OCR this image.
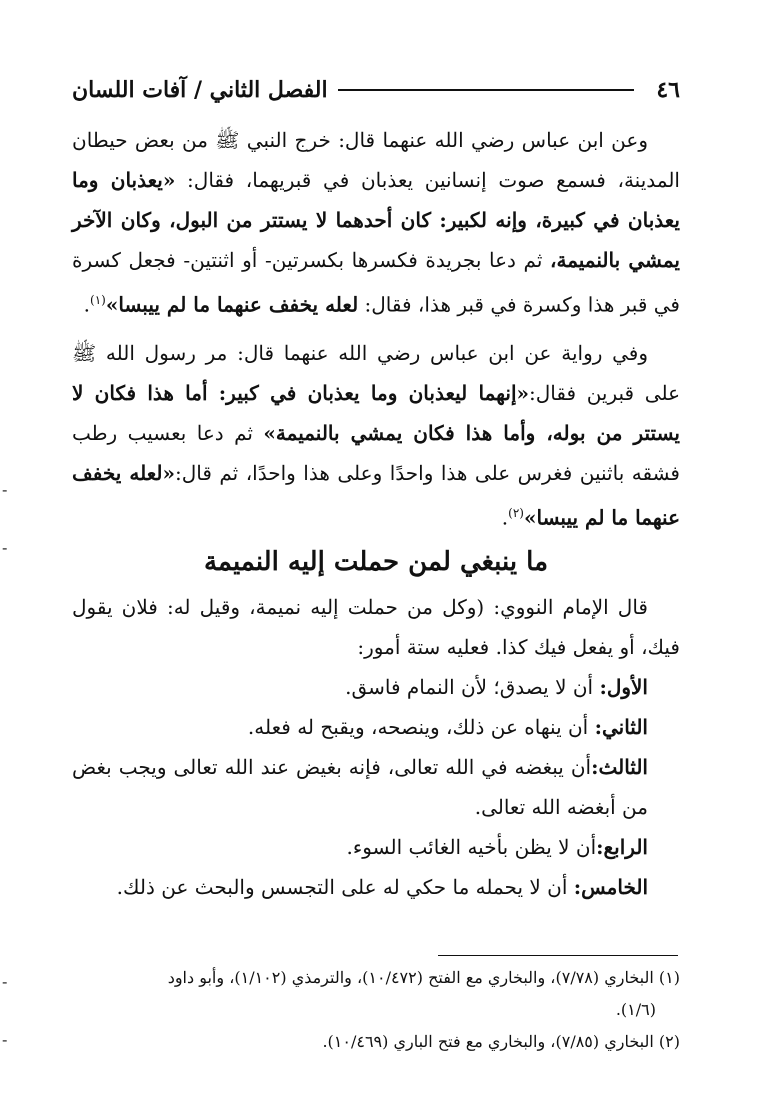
٤٦
الفصل الثاني / آفات اللسان

وعن ابن عباس رضي الله عنهما قال: خرج النبي ﷺ من بعض حيطان المدينة، فسمع صوت إنسانين يعذبان في قبريهما، فقال: «يعذبان وما يعذبان في كبيرة، وإنه لكبير: كان أحدهما لا يستتر من البول، وكان الآخر يمشي بالنميمة، ثم دعا بجريدة فكسرها بكسرتين- أو اثنتين- فجعل كسرة في قبر هذا وكسرة في قبر هذا، فقال: لعله يخفف عنهما ما لم ييبسا»$^{(١)}$.

وفي رواية عن ابن عباس رضي الله عنهما قال: مر رسول الله ﷺ على قبرين فقال:«إنهما ليعذبان وما يعذبان في كبير: أما هذا فكان لا يستتر من بوله، وأما هذا فكان يمشي بالنميمة» ثم دعا بعسيب رطب فشقه باثنين فغرس على هذا واحدًا وعلى هذا واحدًا، ثم قال:«لعله يخفف عنهما ما لم ييبسا»$^{(٢)}$.

ما ينبغي لمن حملت إليه النميمة

قال الإمام النووي: (وكل من حملت إليه نميمة، وقيل له: فلان يقول فيك، أو يفعل فيك كذا. فعليه ستة أمور:

الأول: أن لا يصدق؛ لأن النمام فاسق.

الثاني: أن ينهاه عن ذلك، وينصحه، ويقبح له فعله.

الثالث:أن يبغضه في الله تعالى، فإنه بغيض عند الله تعالى ويجب بغض من أبغضه الله تعالى.

الرابع:أن لا يظن بأخيه الغائب السوء.

الخامس: أن لا يحمله ما حكي له على التجسس والبحث عن ذلك.

(١) البخاري (٧/٧٨)، والبخاري مع الفتح (١٠/٤٧٢)، والترمذي (١/١٠٢)، وأبو داود

(١/٦).

(٢) البخاري (٧/٨٥)، والبخاري مع فتح الباري (١٠/٤٦٩).

-
-
-
-
